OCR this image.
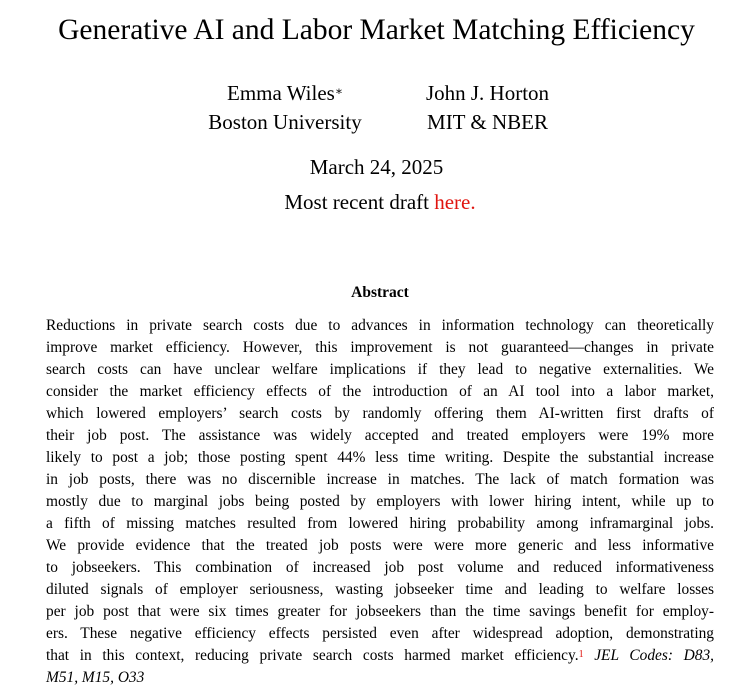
Generative AI and Labor Market Matching Efficiency
Emma Wiles∗
Boston University
John J. Horton
MIT & NBER
March 24, 2025
Most recent draft here.
Abstract
Reductions in private search costs due to advances in information technology can theoretically
improve market efficiency. However, this improvement is not guaranteed—changes in private
search costs can have unclear welfare implications if they lead to negative externalities. We
consider the market efficiency effects of the introduction of an AI tool into a labor market,
which lowered employers’ search costs by randomly offering them AI-written first drafts of
their job post. The assistance was widely accepted and treated employers were 19% more
likely to post a job; those posting spent 44% less time writing. Despite the substantial increase
in job posts, there was no discernible increase in matches. The lack of match formation was
mostly due to marginal jobs being posted by employers with lower hiring intent, while up to
a fifth of missing matches resulted from lowered hiring probability among inframarginal jobs.
We provide evidence that the treated job posts were were more generic and less informative
to jobseekers. This combination of increased job post volume and reduced informativeness
diluted signals of employer seriousness, wasting jobseeker time and leading to welfare losses
per job post that were six times greater for jobseekers than the time savings benefit for employ-
ers. These negative efficiency effects persisted even after widespread adoption, demonstrating
that in this context, reducing private search costs harmed market efficiency.$^1$ JEL Codes: D83,
M51, M15, O33
